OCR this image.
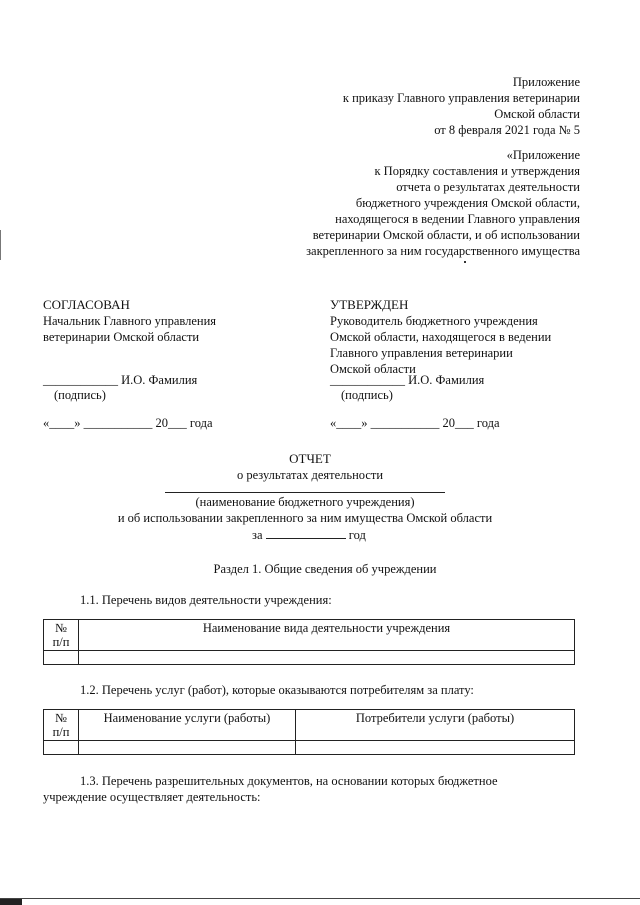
Приложение
к приказу Главного управления ветеринарии
Омской области
от 8 февраля 2021 года № 5
«Приложение
к Порядку составления и утверждения
отчета о результатах деятельности
бюджетного учреждения Омской области,
находящегося в ведении Главного управления
ветеринарии Омской области, и об использовании
закрепленного за ним государственного имущества
СОГЛАСОВАН
Начальник Главного управления
ветеринарии Омской области
____________ И.О. Фамилия
(подпись)
«____» ___________ 20___ года
УТВЕРЖДЕН
Руководитель бюджетного учреждения
Омской области, находящегося в ведении
Главного управления ветеринарии
Омской области
____________ И.О. Фамилия
(подпись)
«____» ___________ 20___ года
ОТЧЕТ
о результатах деятельности
(наименование бюджетного учреждения)
и об использовании закрепленного за ним имущества Омской области
за	год
Раздел 1. Общие сведения об учреждении
1.1. Перечень видов деятельности учреждения:
№
п/п	Наименование вида деятельности учреждения

1.2. Перечень услуг (работ), которые оказываются потребителям за плату:
№
п/п	Наименование услуги (работы)	Потребители услуги (работы)

1.3. Перечень разрешительных документов, на основании которых бюджетное
учреждение осуществляет деятельность:
